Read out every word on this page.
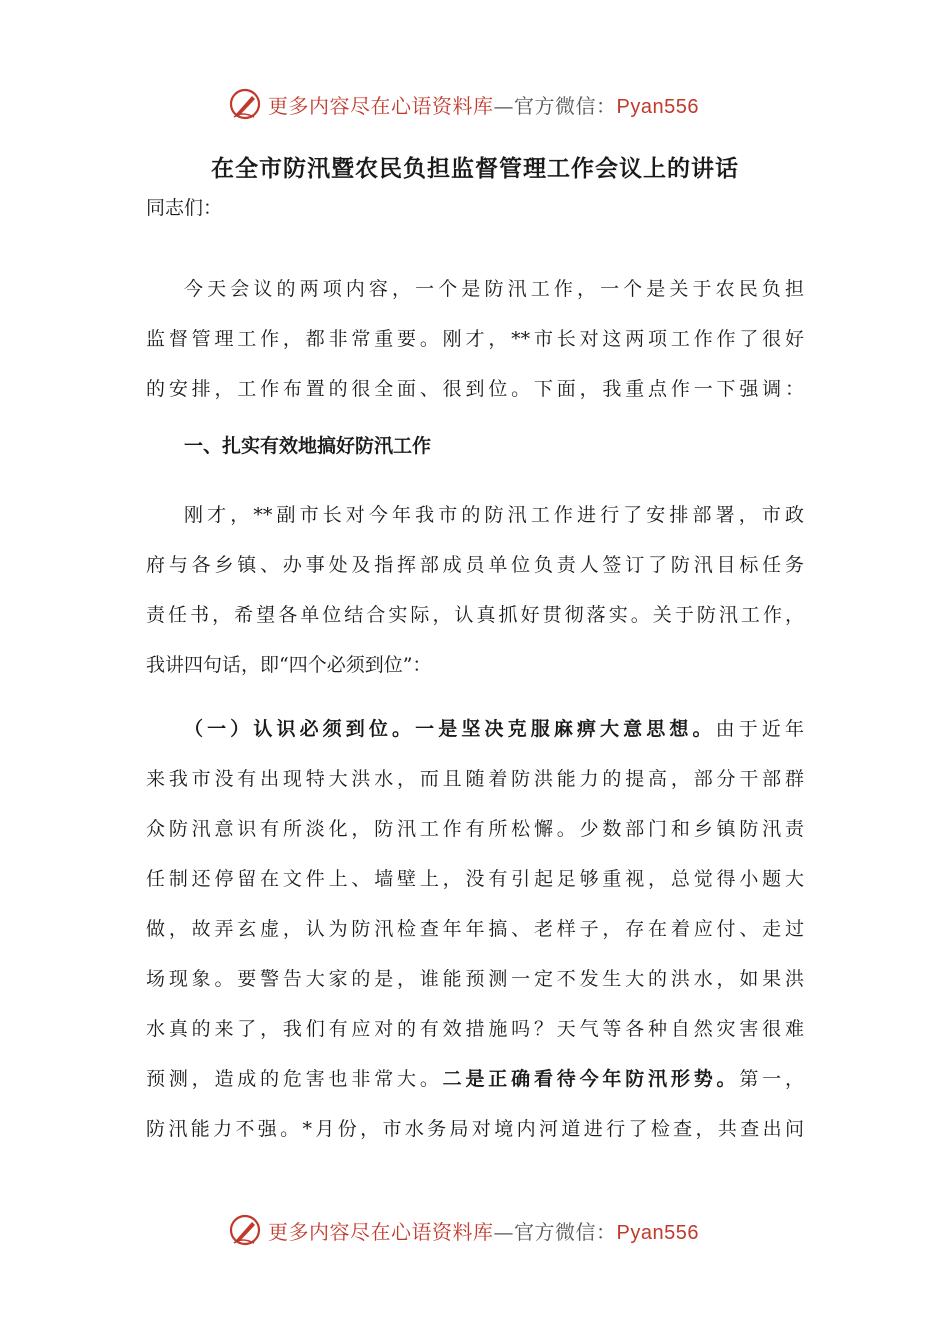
更多内容尽在心语资料库—官方微信：Pyan556
在全市防汛暨农民负担监督管理工作会议上的讲话
同志们：
今天会议的两项内容，一个是防汛工作，一个是关于农民负担
监督管理工作，都非常重要。刚才，**市长对这两项工作作了很好
的安排，工作布置的很全面、很到位。下面，我重点作一下强调：
一、扎实有效地搞好防汛工作
刚才，**副市长对今年我市的防汛工作进行了安排部署，市政
府与各乡镇、办事处及指挥部成员单位负责人签订了防汛目标任务
责任书，希望各单位结合实际，认真抓好贯彻落实。关于防汛工作，
我讲四句话，即“四个必须到位”：
（一）认识必须到位。一是坚决克服麻痹大意思想。由于近年
来我市没有出现特大洪水，而且随着防洪能力的提高，部分干部群
众防汛意识有所淡化，防汛工作有所松懈。少数部门和乡镇防汛责
任制还停留在文件上、墙壁上，没有引起足够重视，总觉得小题大
做，故弄玄虚，认为防汛检查年年搞、老样子，存在着应付、走过
场现象。要警告大家的是，谁能预测一定不发生大的洪水，如果洪
水真的来了，我们有应对的有效措施吗？天气等各种自然灾害很难
预测，造成的危害也非常大。二是正确看待今年防汛形势。第一，
防汛能力不强。*月份，市水务局对境内河道进行了检查，共查出问
更多内容尽在心语资料库—官方微信：Pyan556
